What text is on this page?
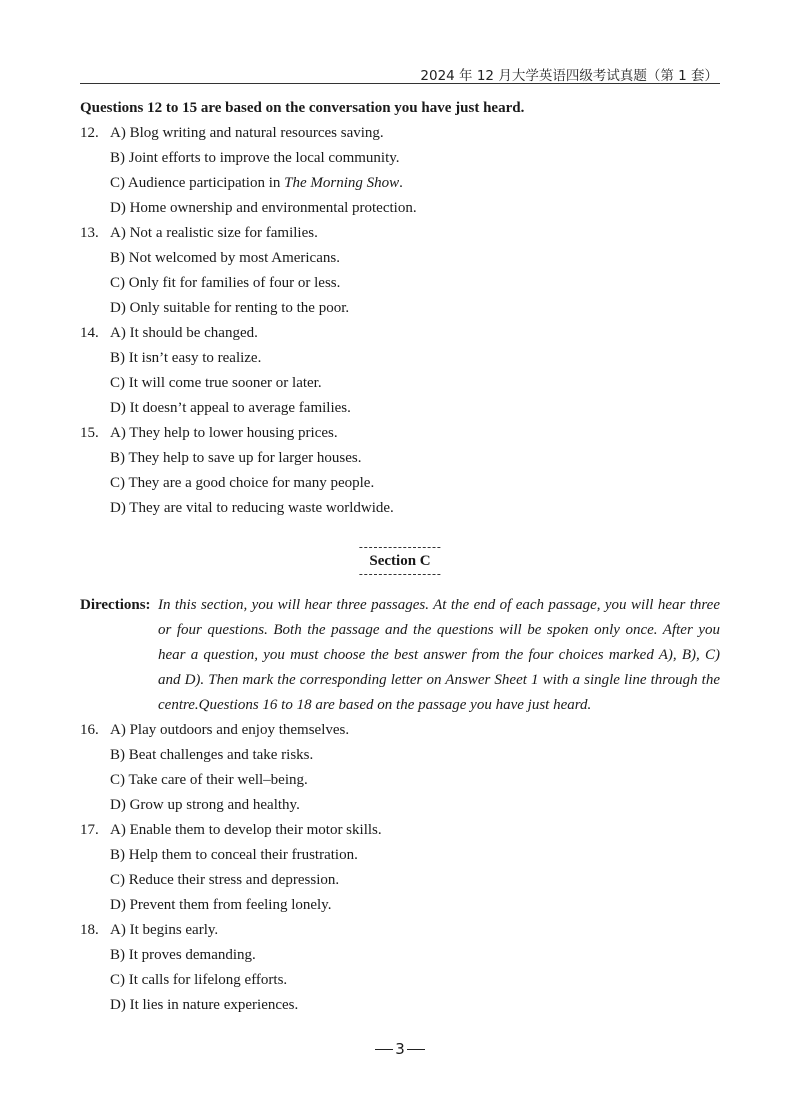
2024 年 12 月大学英语四级考试真题（第 1 套）
Questions 12 to 15 are based on the conversation you have just heard.
12. A) Blog writing and natural resources saving.
B) Joint efforts to improve the local community.
C) Audience participation in The Morning Show.
D) Home ownership and environmental protection.
13. A) Not a realistic size for families.
B) Not welcomed by most Americans.
C) Only fit for families of four or less.
D) Only suitable for renting to the poor.
14. A) It should be changed.
B) It isn’t easy to realize.
C) It will come true sooner or later.
D) It doesn’t appeal to average families.
15. A) They help to lower housing prices.
B) They help to save up for larger houses.
C) They are a good choice for many people.
D) They are vital to reducing waste worldwide.
Section C
Directions: In this section, you will hear three passages. At the end of each passage, you will hear three or four questions. Both the passage and the questions will be spoken only once. After you hear a question, you must choose the best answer from the four choices marked A), B), C) and D). Then mark the corresponding letter on Answer Sheet 1 with a single line through the centre.Questions 16 to 18 are based on the passage you have just heard.
16. A) Play outdoors and enjoy themselves.
B) Beat challenges and take risks.
C) Take care of their well–being.
D) Grow up strong and healthy.
17. A) Enable them to develop their motor skills.
B) Help them to conceal their frustration.
C) Reduce their stress and depression.
D) Prevent them from feeling lonely.
18. A) It begins early.
B) It proves demanding.
C) It calls for lifelong efforts.
D) It lies in nature experiences.
3
